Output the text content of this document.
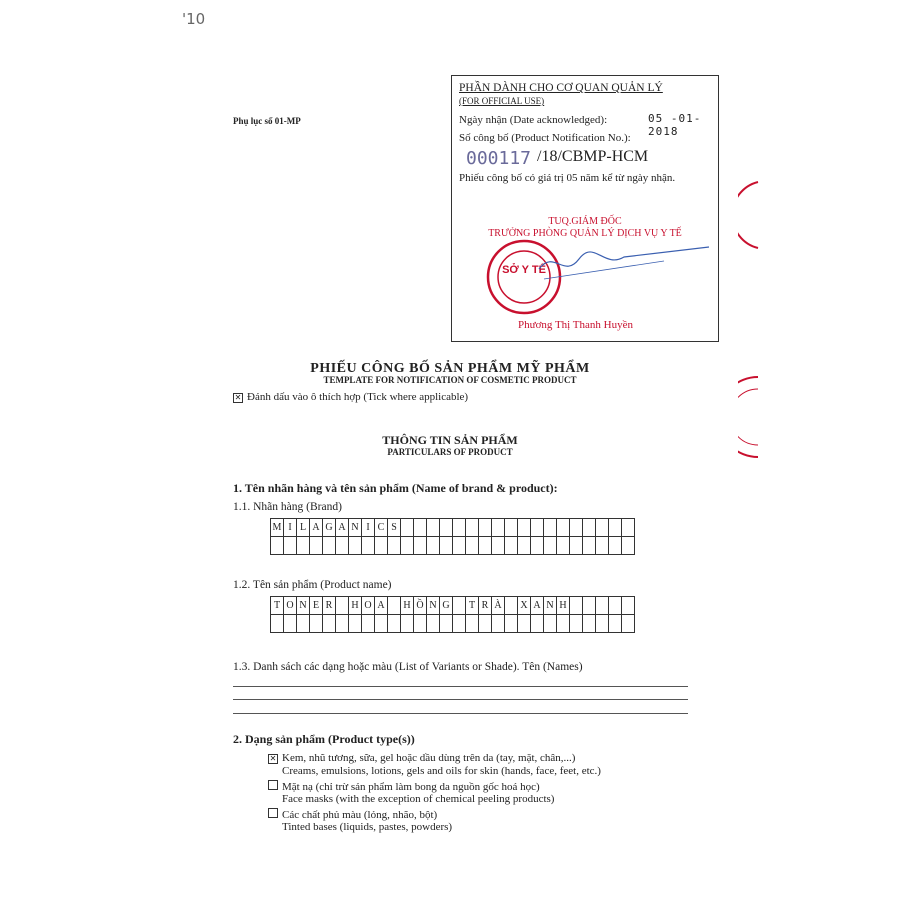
'10
Phụ lục số 01-MP
PHẦN DÀNH CHO CƠ QUAN QUẢN LÝ
(FOR OFFICIAL USE)
Ngày nhận (Date acknowledged):	05 -01- 2018
Số công bố (Product Notification No.):
000117 /18/CBMP-HCM
Phiếu công bố có giá trị 05 năm kể từ ngày nhận.
TUQ.GIÁM ĐỐC
TRƯỞNG PHÒNG QUẢN LÝ DỊCH VỤ Y TẾ
SỞ Y TẾ
Phương Thị Thanh Huyền
PHIẾU CÔNG BỐ SẢN PHẨM MỸ PHẨM
TEMPLATE FOR NOTIFICATION OF COSMETIC PRODUCT
✕ Đánh dấu vào ô thích hợp (Tick where applicable)
THÔNG TIN SẢN PHẨM
PARTICULARS OF PRODUCT
1. Tên nhãn hàng và tên sản phẩm (Name of brand & product):
1.1. Nhãn hàng (Brand)
M	I	L	A	G	A	N	I	C	S																		

1.2. Tên sản phẩm (Product name)
T	O	N	E	R		H	O	A		H	Ồ	N	G		T	R	À		X	A	N	H					

1.3. Danh sách các dạng hoặc màu (List of Variants or Shade). Tên (Names)
2. Dạng sản phẩm (Product type(s))
✕ Kem, nhũ tương, sữa, gel hoặc dầu dùng trên da (tay, mặt, chân,...)
Creams, emulsions, lotions, gels and oils for skin (hands, face, feet, etc.)
Mặt nạ (chỉ trừ sản phẩm làm bong da nguồn gốc hoá học)
Face masks (with the exception of chemical peeling products)
Các chất phủ màu (lỏng, nhão, bột)
Tinted bases (liquids, pastes, powders)
